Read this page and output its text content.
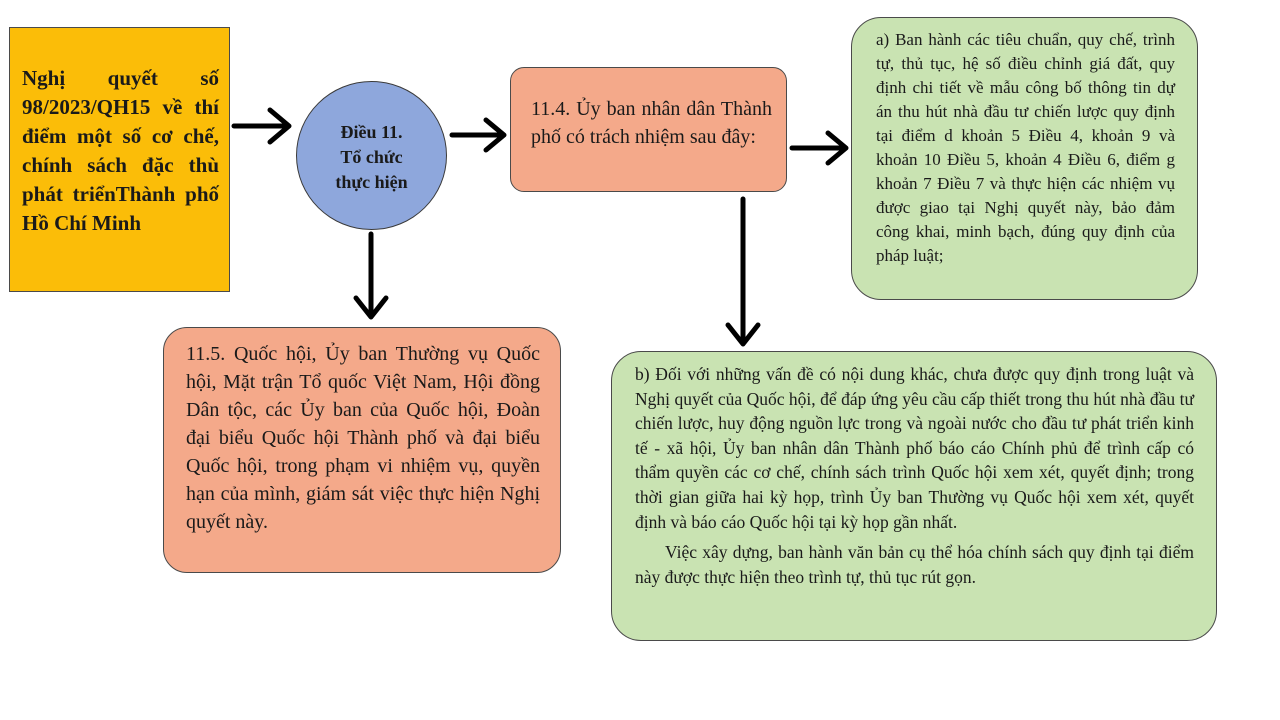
Nghị quyết số 98/2023/QH15 về thí điểm một số cơ chế, chính sách đặc thù phát triểnThành phố Hồ Chí Minh
Điều 11.
Tổ chức
thực hiện
11.4. Ủy ban nhân dân Thành phố có trách nhiệm sau đây:
a) Ban hành các tiêu chuẩn, quy chế, trình tự, thủ tục, hệ số điều chỉnh giá đất, quy định chi tiết về mẫu công bố thông tin dự án thu hút nhà đầu tư chiến lược quy định tại điểm d khoản 5 Điều 4, khoản 9 và khoản 10 Điều 5, khoản 4 Điều 6, điểm g khoản 7 Điều 7 và thực hiện các nhiệm vụ được giao tại Nghị quyết này, bảo đảm công khai, minh bạch, đúng quy định của pháp luật;
11.5. Quốc hội, Ủy ban Thường vụ Quốc hội, Mặt trận Tổ quốc Việt Nam, Hội đồng Dân tộc, các Ủy ban của Quốc hội, Đoàn đại biểu Quốc hội Thành phố và đại biểu Quốc hội, trong phạm vi nhiệm vụ, quyền hạn của mình, giám sát việc thực hiện Nghị quyết này.

b) Đối với những vấn đề có nội dung khác, chưa được quy định trong luật và Nghị quyết của Quốc hội, để đáp ứng yêu cầu cấp thiết trong thu hút nhà đầu tư chiến lược, huy động nguồn lực trong và ngoài nước cho đầu tư phát triển kinh tế - xã hội, Ủy ban nhân dân Thành phố báo cáo Chính phủ để trình cấp có thẩm quyền các cơ chế, chính sách trình Quốc hội xem xét, quyết định; trong thời gian giữa hai kỳ họp, trình Ủy ban Thường vụ Quốc hội xem xét, quyết định và báo cáo Quốc hội tại kỳ họp gần nhất.

Việc xây dựng, ban hành văn bản cụ thể hóa chính sách quy định tại điểm này được thực hiện theo trình tự, thủ tục rút gọn.
